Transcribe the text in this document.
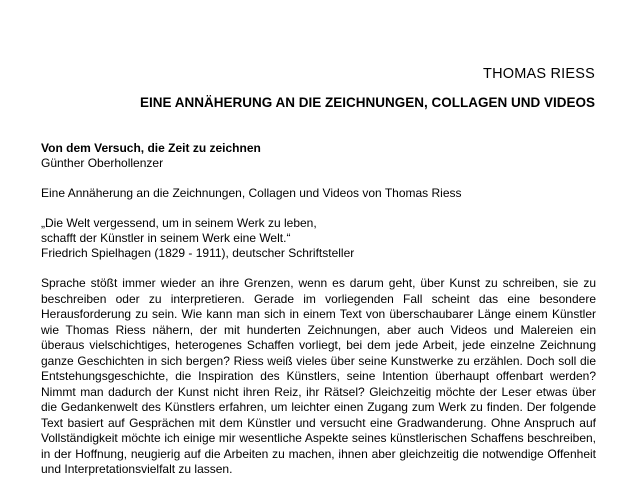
THOMAS RIESS
EINE ANNÄHERUNG AN DIE ZEICHNUNGEN, COLLAGEN UND VIDEOS

Von dem Versuch, die Zeit zu zeichnen

Günther Oberhollenzer

Eine Annäherung an die Zeichnungen, Collagen und Videos von Thomas Riess

„Die Welt vergessend, um in seinem Werk zu leben,
schafft der Künstler in seinem Werk eine Welt.“
Friedrich Spielhagen (1829 - 1911), deutscher Schriftsteller

Sprache stößt immer wieder an ihre Grenzen, wenn es darum geht, über Kunst zu schreiben, sie zu beschreiben oder zu interpretieren. Gerade im vorliegenden Fall scheint das eine besondere Herausforderung zu sein. Wie kann man sich in einem Text von überschaubarer Länge einem Künstler wie Thomas Riess nähern, der mit hunderten Zeichnungen, aber auch Videos und Malereien ein überaus vielschichtiges, heterogenes Schaffen vorliegt, bei dem jede Arbeit, jede einzelne Zeichnung ganze Geschichten in sich bergen? Riess weiß vieles über seine Kunstwerke zu erzählen. Doch soll die Entstehungsgeschichte, die Inspiration des Künstlers, seine Intention überhaupt offenbart werden? Nimmt man dadurch der Kunst nicht ihren Reiz, ihr Rätsel? Gleichzeitig möchte der Leser etwas über die Gedankenwelt des Künstlers erfahren, um leichter einen Zugang zum Werk zu finden. Der folgende Text basiert auf Gesprächen mit dem Künstler und versucht eine Gradwanderung. Ohne Anspruch auf Vollständigkeit möchte ich einige mir wesentliche Aspekte seines künstlerischen Schaffens beschreiben, in der Hoffnung, neugierig auf die Arbeiten zu machen, ihnen aber gleichzeitig die notwendige Offenheit und Interpretationsvielfalt zu lassen.
